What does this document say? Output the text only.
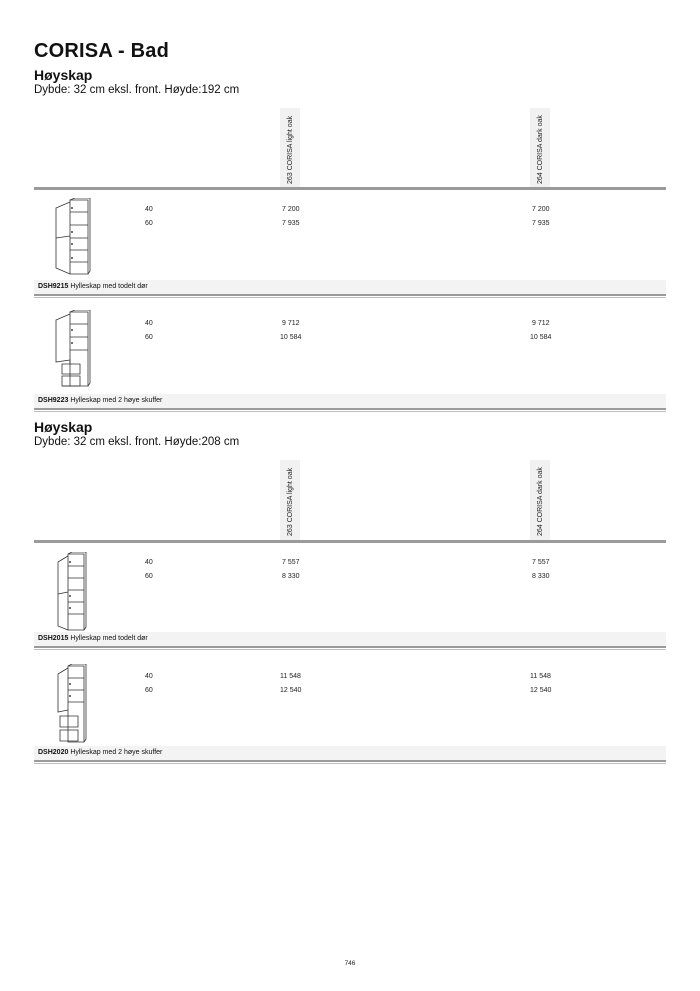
CORISA - Bad
Høyskap
Dybde: 32 cm eksl. front. Høyde:192 cm
263 CORISA light oak	264 CORISA dark oak
40
60
7 200
7 935
7 200
7 935
DSH9215 Hylleskap med todelt dør
40
60
9 712
10 584
9 712
10 584
DSH9223 Hylleskap med 2 høye skuffer
Høyskap
Dybde: 32 cm eksl. front. Høyde:208 cm
263 CORISA light oak	264 CORISA dark oak
40
60
7 557
8 330
7 557
8 330
DSH2015 Hylleskap med todelt dør
40
60
11 548
12 540
11 548
12 540
DSH2020 Hylleskap med 2 høye skuffer
746
